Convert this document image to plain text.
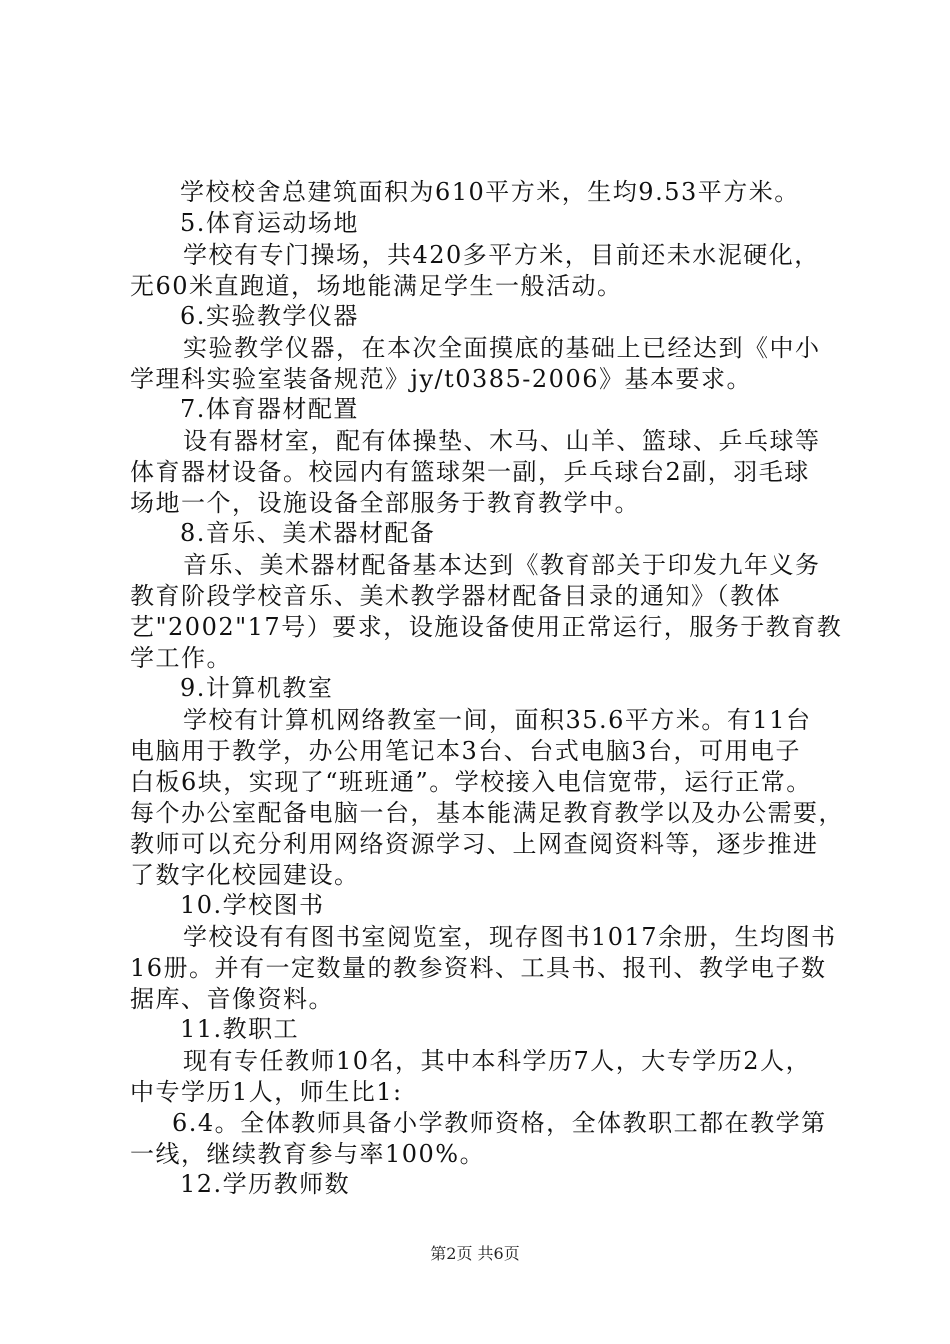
学校校舍总建筑面积为610平方米，生均9.53平方米。
5.体育运动场地
学校有专门操场，共420多平方米，目前还未水泥硬化，
无60米直跑道，场地能满足学生一般活动。
6.实验教学仪器
实验教学仪器，在本次全面摸底的基础上已经达到《中小
学理科实验室装备规范》jy/t0385-2006》基本要求。
7.体育器材配置
设有器材室，配有体操垫、木马、山羊、篮球、乒乓球等
体育器材设备。校园内有篮球架一副，乒乓球台2副，羽毛球
场地一个，设施设备全部服务于教育教学中。
8.音乐、美术器材配备
音乐、美术器材配备基本达到《教育部关于印发九年义务
教育阶段学校音乐、美术教学器材配备目录的通知》（教体
艺"2002"17号）要求，设施设备使用正常运行，服务于教育教
学工作。
9.计算机教室
学校有计算机网络教室一间，面积35.6平方米。有11台
电脑用于教学，办公用笔记本3台、台式电脑3台，可用电子
白板6块，实现了“班班通”。学校接入电信宽带，运行正常。
每个办公室配备电脑一台，基本能满足教育教学以及办公需要，
教师可以充分利用网络资源学习、上网查阅资料等，逐步推进
了数字化校园建设。
10.学校图书
学校设有有图书室阅览室，现存图书1017余册，生均图书
16册。并有一定数量的教参资料、工具书、报刊、教学电子数
据库、音像资料。
11.教职工
现有专任教师10名，其中本科学历7人，大专学历2人，
中专学历1人，师生比1:
6.4。全体教师具备小学教师资格，全体教职工都在教学第
一线，继续教育参与率100%。
12.学历教师数
第2页 共6页
